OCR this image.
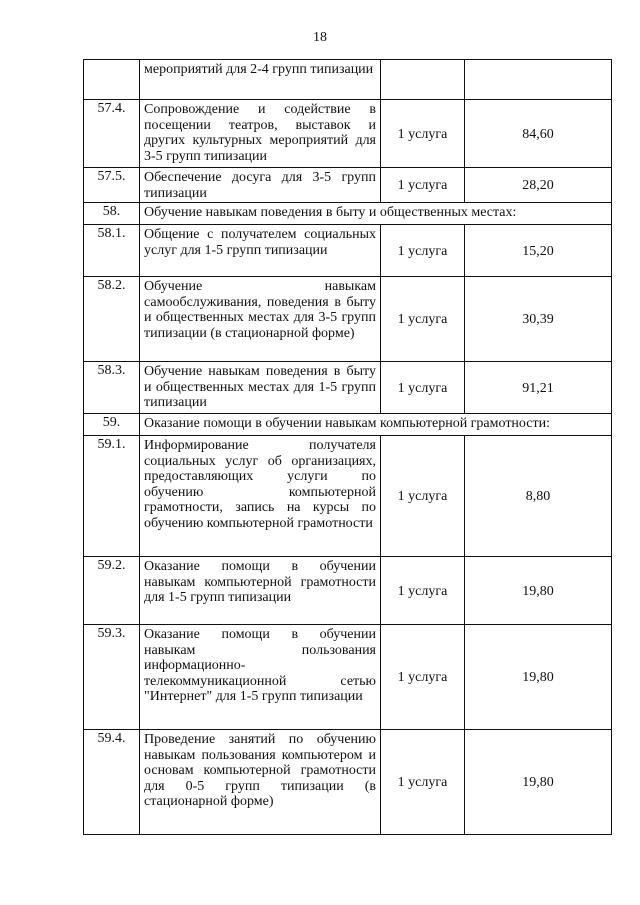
18
	мероприятий для 2-4 групп типизации		
57.4.	Сопровождение и содействие в посещении театров, выставок и других культурных мероприятий для 3-5 групп типизации	1 услуга	84,60
57.5.	Обеспечение досуга для 3-5 групп типизации	1 услуга	28,20
58.	Обучение навыкам поведения в быту и общественных местах:		
58.1.	Общение с получателем социальных услуг для 1-5 групп типизации	1 услуга	15,20
58.2.	Обучение навыкам самообслуживания, поведения в быту и общественных местах для 3-5 групп типизации (в стационарной форме)	1 услуга	30,39
58.3.	Обучение навыкам поведения в быту и общественных местах для 1-5 групп типизации	1 услуга	91,21
59.	Оказание помощи в обучении навыкам компьютерной грамотности:		
59.1.	Информирование получателя социальных услуг об организациях, предоставляющих услуги по обучению компьютерной грамотности, запись на курсы по обучению компьютерной грамотности	1 услуга	8,80
59.2.	Оказание помощи в обучении навыкам компьютерной грамотности для 1-5 групп типизации	1 услуга	19,80
59.3.	Оказание помощи в обучении навыкам пользования информационно-телекоммуникационной сетью "Интернет" для 1-5 групп типизации	1 услуга	19,80
59.4.	Проведение занятий по обучению навыкам пользования компьютером и основам компьютерной грамотности для 0-5 групп типизации (в стационарной форме)	1 услуга	19,80
